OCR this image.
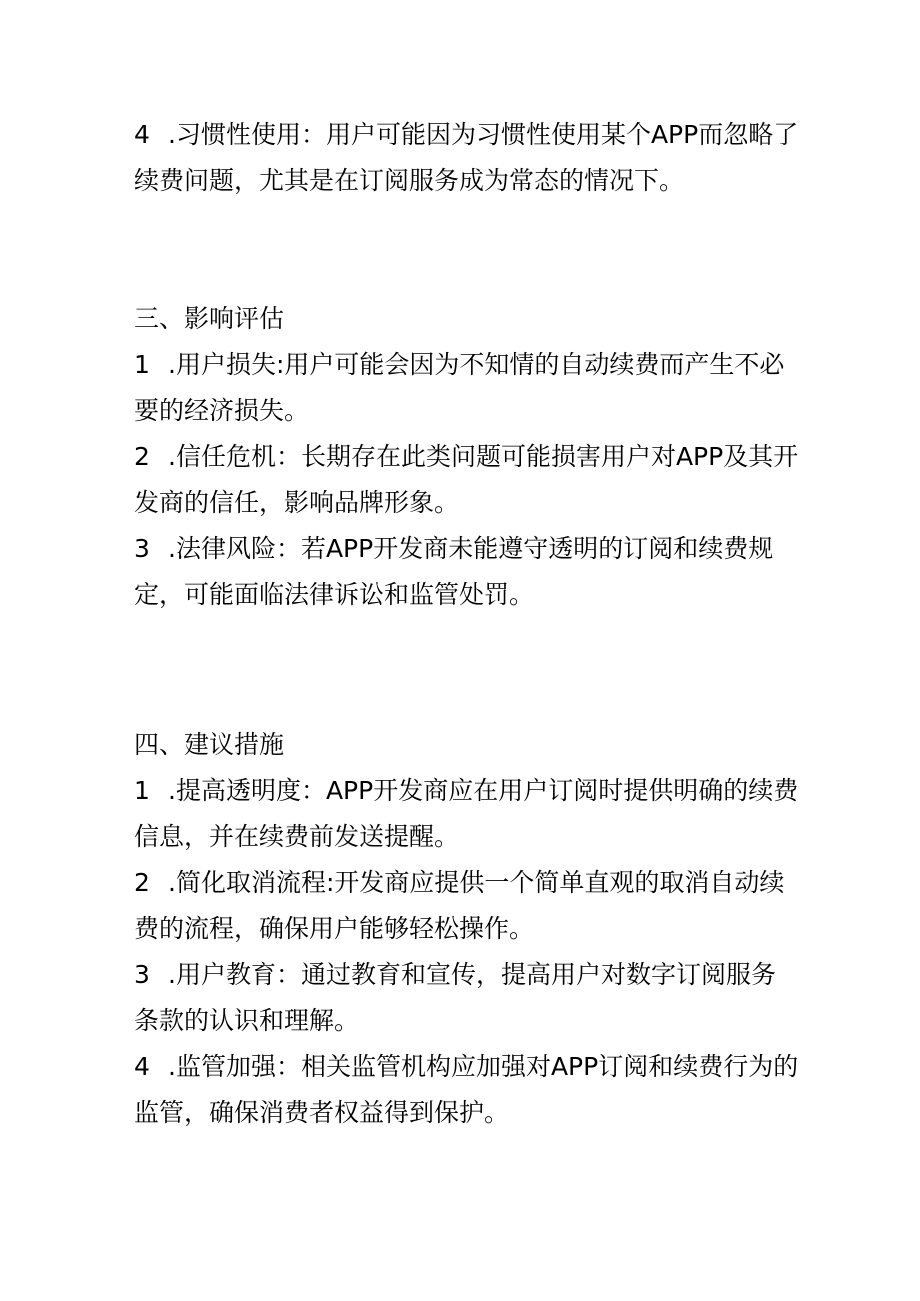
4 .习惯性使用：用户可能因为习惯性使用某个APP而忽略了续费问题，尤其是在订阅服务成为常态的情况下。

三、影响评估

1 .用户损失:用户可能会因为不知情的自动续费而产生不必要的经济损失。

2 .信任危机：长期存在此类问题可能损害用户对APP及其开发商的信任，影响品牌形象。

3 .法律风险：若APP开发商未能遵守透明的订阅和续费规定，可能面临法律诉讼和监管处罚。

四、建议措施

1 .提高透明度：APP开发商应在用户订阅时提供明确的续费信息，并在续费前发送提醒。

2 .简化取消流程:开发商应提供一个简单直观的取消自动续费的流程，确保用户能够轻松操作。

3 .用户教育：通过教育和宣传，提高用户对数字订阅服务条款的认识和理解。

4 .监管加强：相关监管机构应加强对APP订阅和续费行为的监管，确保消费者权益得到保护。
